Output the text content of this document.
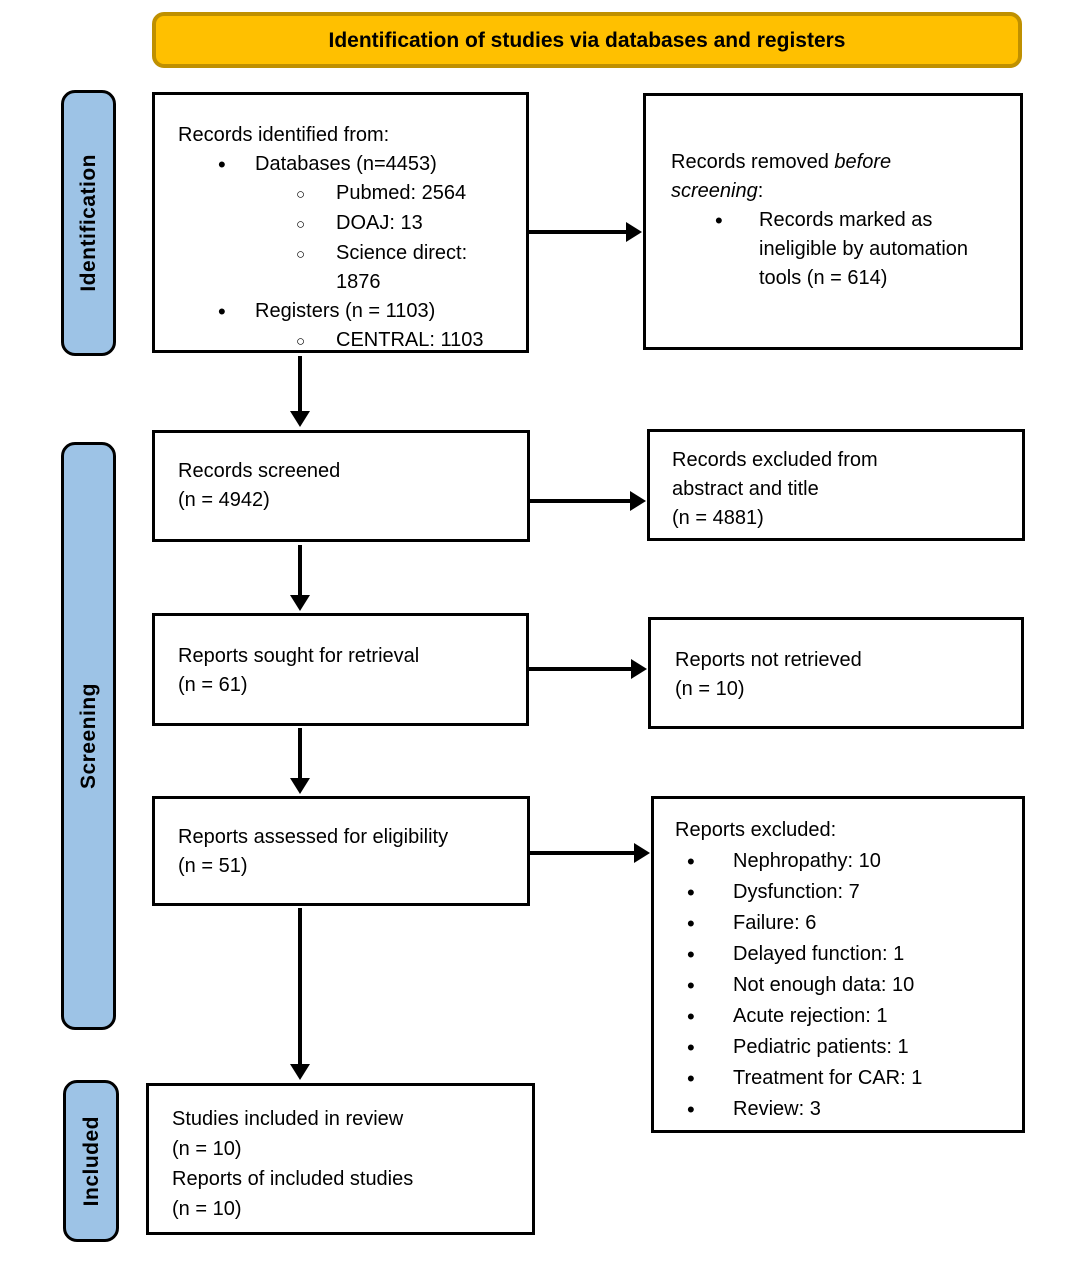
Identification of studies via databases and registers
Identification
Screening
Included

Records identified from:

•	Databases (n=4453)
○	Pubmed: 2564
○	DOAJ: 13
○	Science direct: 1876
•	Registers (n = 1103)
○	CENTRAL: 1103

Records removed before screening:

•	Records marked as ineligible by automation tools (n = 614)

Records screened

(n = 4942)

Records excluded from abstract and title

(n = 4881)

Reports sought for retrieval

(n = 61)

Reports not retrieved

(n = 10)

Reports assessed for eligibility

(n = 51)

Reports excluded:

•	Nephropathy: 10
•	Dysfunction: 7
•	Failure: 6
•	Delayed function: 1
•	Not enough data: 10
•	Acute rejection: 1
•	Pediatric patients: 1
•	Treatment for CAR: 1
•	Review: 3

Studies included in review

(n = 10)

Reports of included studies

(n = 10)
